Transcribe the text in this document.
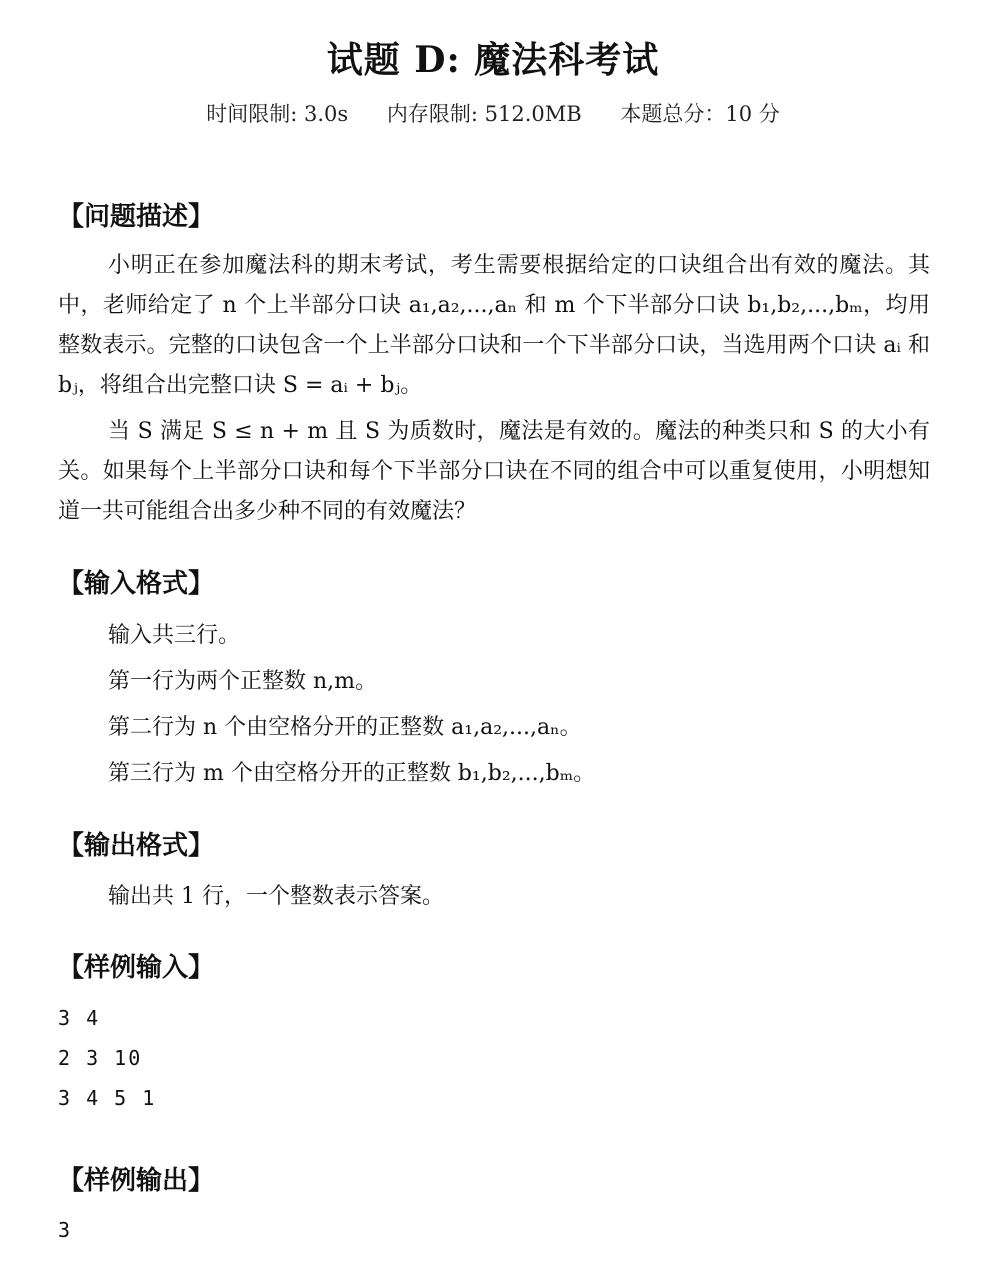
试题 D: 魔法科考试
时间限制: 3.0s 内存限制: 512.0MB 本题总分：10 分
【问题描述】

小明正在参加魔法科的期末考试，考生需要根据给定的口诀组合出有效的魔法。其中，老师给定了 n 个上半部分口诀 a₁,a₂,...,aₙ 和 m 个下半部分口诀 b₁,b₂,...,bₘ，均用整数表示。完整的口诀包含一个上半部分口诀和一个下半部分口诀，当选用两个口诀 aᵢ 和 bⱼ，将组合出完整口诀 S = aᵢ + bⱼ。

当 S 满足 S ≤ n + m 且 S 为质数时，魔法是有效的。魔法的种类只和 S 的大小有关。如果每个上半部分口诀和每个下半部分口诀在不同的组合中可以重复使用，小明想知道一共可能组合出多少种不同的有效魔法？

【输入格式】
输入共三行。
第一行为两个正整数 n,m。
第二行为 n 个由空格分开的正整数 a₁,a₂,...,aₙ。
第三行为 m 个由空格分开的正整数 b₁,b₂,...,bₘ。
【输出格式】
输出共 1 行，一个整数表示答案。
【样例输入】
3 4
2 3 10
3 4 5 1
【样例输出】
3
